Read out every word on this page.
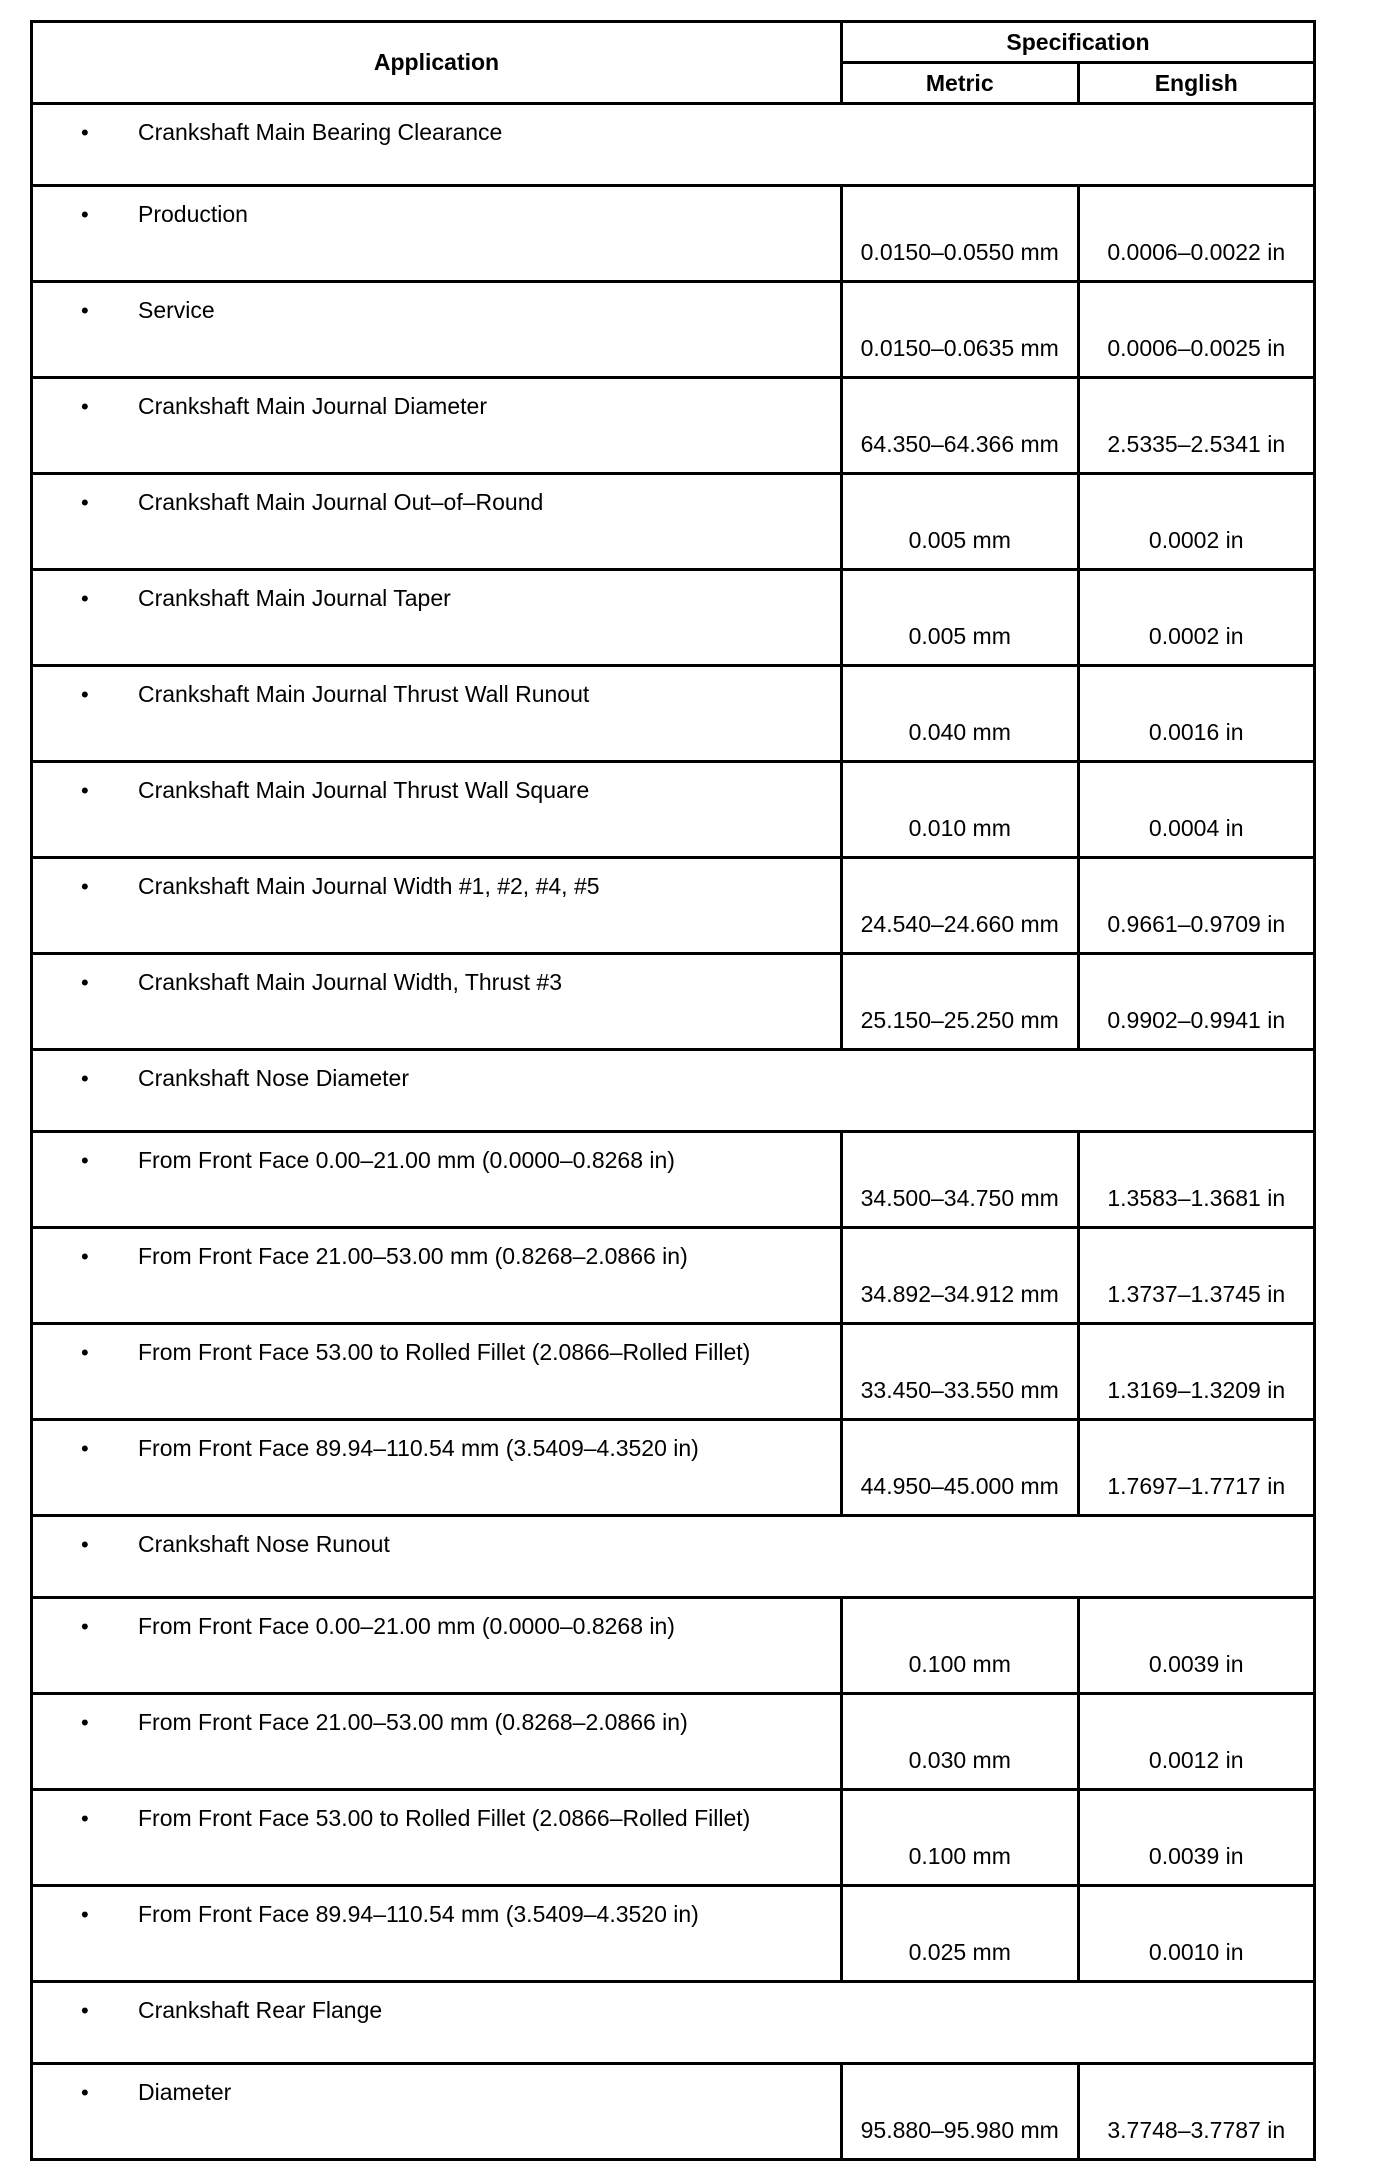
Application	Specification	
	Metric	English

• Crankshaft Main Bearing Clearance		

• Production	0.0150–0.0550 mm	0.0006–0.0022 in

• Service	0.0150–0.0635 mm	0.0006–0.0025 in

• Crankshaft Main Journal Diameter	64.350–64.366 mm	2.5335–2.5341 in

• Crankshaft Main Journal Out–of–Round	0.005 mm	0.0002 in

• Crankshaft Main Journal Taper	0.005 mm	0.0002 in

• Crankshaft Main Journal Thrust Wall Runout	0.040 mm	0.0016 in

• Crankshaft Main Journal Thrust Wall Square	0.010 mm	0.0004 in

• Crankshaft Main Journal Width #1, #2, #4, #5	24.540–24.660 mm	0.9661–0.9709 in

• Crankshaft Main Journal Width, Thrust #3	25.150–25.250 mm	0.9902–0.9941 in

• Crankshaft Nose Diameter		

• From Front Face 0.00–21.00 mm (0.0000–0.8268 in)	34.500–34.750 mm	1.3583–1.3681 in

• From Front Face 21.00–53.00 mm (0.8268–2.0866 in)	34.892–34.912 mm	1.3737–1.3745 in

• From Front Face 53.00 to Rolled Fillet (2.0866–Rolled Fillet)	33.450–33.550 mm	1.3169–1.3209 in

• From Front Face 89.94–110.54 mm (3.5409–4.3520 in)	44.950–45.000 mm	1.7697–1.7717 in

• Crankshaft Nose Runout		

• From Front Face 0.00–21.00 mm (0.0000–0.8268 in)	0.100 mm	0.0039 in

• From Front Face 21.00–53.00 mm (0.8268–2.0866 in)	0.030 mm	0.0012 in

• From Front Face 53.00 to Rolled Fillet (2.0866–Rolled Fillet)	0.100 mm	0.0039 in

• From Front Face 89.94–110.54 mm (3.5409–4.3520 in)	0.025 mm	0.0010 in

• Crankshaft Rear Flange		

• Diameter	95.880–95.980 mm	3.7748–3.7787 in
